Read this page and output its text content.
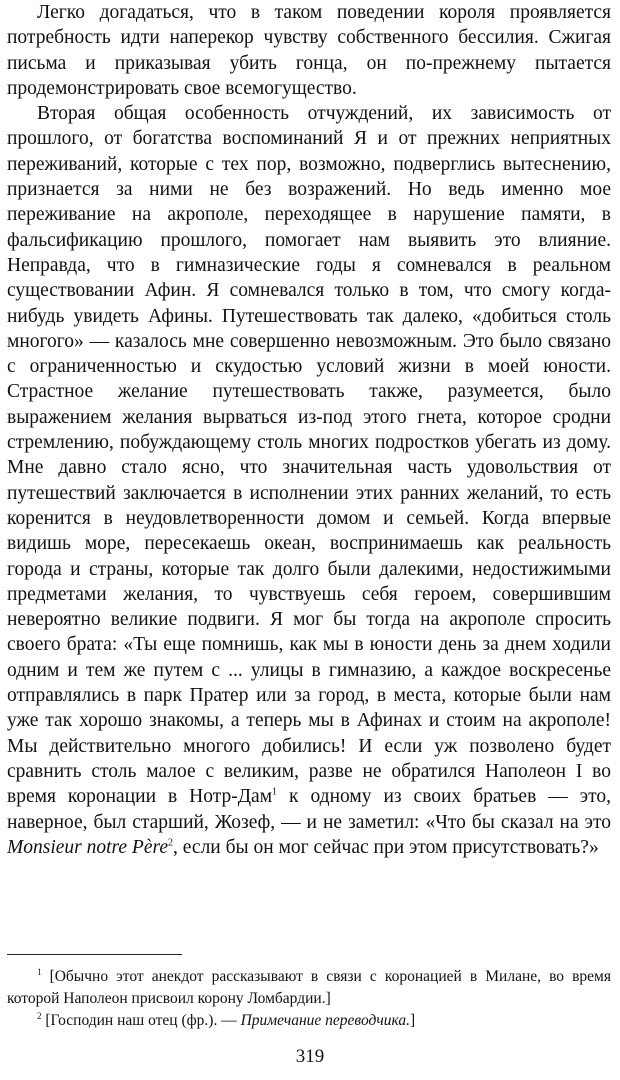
Легко догадаться, что в таком поведении короля проявляется потребность идти наперекор чувству собственного бессилия. Сжигая письма и приказывая убить гонца, он по-прежнему пытается продемонстрировать свое всемогущество.

Вторая общая особенность отчуждений, их зависимость от прошлого, от богатства воспоминаний Я и от прежних неприятных переживаний, которые с тех пор, возможно, подверглись вытеснению, признается за ними не без возражений. Но ведь именно мое переживание на акрополе, переходящее в нарушение памяти, в фальсификацию прошлого, помогает нам выявить это влияние. Неправда, что в гимназические годы я сомневался в реальном существовании Афин. Я сомневался только в том, что смогу когда-нибудь увидеть Афины. Путешествовать так далеко, «добиться столь многого» — казалось мне совершенно невозможным. Это было связано с ограниченностью и скудостью условий жизни в моей юности. Страстное желание путешествовать также, разумеется, было выражением желания вырваться из-под этого гнета, которое сродни стремлению, побуждающему столь многих подростков убегать из дому. Мне давно стало ясно, что значительная часть удовольствия от путешествий заключается в исполнении этих ранних желаний, то есть коренится в неудовлетворенности домом и семьей. Когда впервые видишь море, пересекаешь океан, воспринимаешь как реальность города и страны, которые так долго были далекими, недостижимыми предметами желания, то чувствуешь себя героем, совершившим невероятно великие подвиги. Я мог бы тогда на акрополе спросить своего брата: «Ты еще помнишь, как мы в юности день за днем ходили одним и тем же путем с ... улицы в гимназию, а каждое воскресенье отправлялись в парк Пратер или за город, в места, которые были нам уже так хорошо знакомы, а теперь мы в Афинах и стоим на акрополе! Мы действительно многого добились! И если уж позволено будет сравнить столь малое с великим, разве не обратился Наполеон I во время коронации в Нотр-Дам$^1$ к одному из своих братьев — это, наверное, был старший, Жозеф, — и не заметил: «Что бы сказал на это Monsieur notre Père$^2$, если бы он мог сейчас при этом присутствовать?»

$^1$ [Обычно этот анекдот рассказывают в связи с коронацией в Милане, во время которой Наполеон присвоил корону Ломбардии.]

$^2$ [Господин наш отец (фр.). — Примечание переводчика.]

319
